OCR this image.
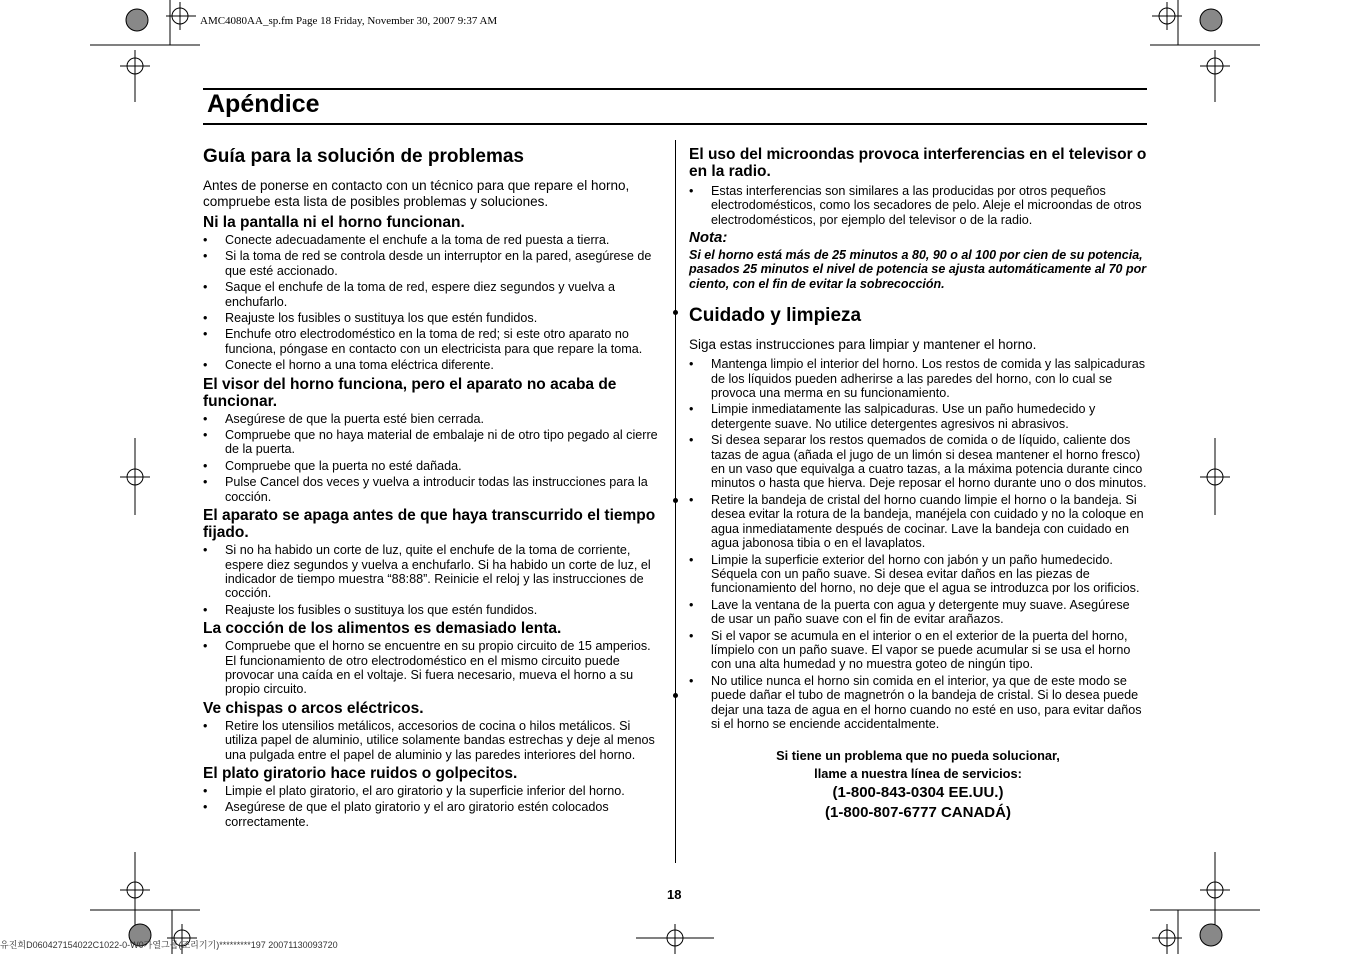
AMC4080AA_sp.fm Page 18 Friday, November 30, 2007 9:37 AM
Apéndice
Guía para la solución de problemas

Antes de ponerse en contacto con un técnico para que repare el horno, compruebe esta lista de posibles problemas y soluciones.

Ni la pantalla ni el horno funcionan.
• Conecte adecuadamente el enchufe a la toma de red puesta a tierra.
• Si la toma de red se controla desde un interruptor en la pared, asegúrese de que esté accionado.
• Saque el enchufe de la toma de red, espere diez segundos y vuelva a enchufarlo.
• Reajuste los fusibles o sustituya los que estén fundidos.
• Enchufe otro electrodoméstico en la toma de red; si este otro aparato no funciona, póngase en contacto con un electricista para que repare la toma.
• Conecte el horno a una toma eléctrica diferente.
El visor del horno funciona, pero el aparato no acaba de funcionar.
• Asegúrese de que la puerta esté bien cerrada.
• Compruebe que no haya material de embalaje ni de otro tipo pegado al cierre de la puerta.
• Compruebe que la puerta no esté dañada.
• Pulse Cancel dos veces y vuelva a introducir todas las instrucciones para la cocción.
El aparato se apaga antes de que haya transcurrido el tiempo fijado.
• Si no ha habido un corte de luz, quite el enchufe de la toma de corriente, espere diez segundos y vuelva a enchufarlo. Si ha habido un corte de luz, el indicador de tiempo muestra “88:88”. Reinicie el reloj y las instrucciones de cocción.
• Reajuste los fusibles o sustituya los que estén fundidos.
La cocción de los alimentos es demasiado lenta.
• Compruebe que el horno se encuentre en su propio circuito de 15 amperios. El funcionamiento de otro electrodoméstico en el mismo circuito puede provocar una caída en el voltaje. Si fuera necesario, mueva el horno a su propio circuito.
Ve chispas o arcos eléctricos.
• Retire los utensilios metálicos, accesorios de cocina o hilos metálicos. Si utiliza papel de aluminio, utilice solamente bandas estrechas y deje al menos una pulgada entre el papel de aluminio y las paredes interiores del horno.
El plato giratorio hace ruidos o golpecitos.
• Limpie el plato giratorio, el aro giratorio y la superficie inferior del horno.
• Asegúrese de que el plato giratorio y el aro giratorio estén colocados correctamente.
El uso del microondas provoca interferencias en el televisor o en la radio.
• Estas interferencias son similares a las producidas por otros pequeños electrodomésticos, como los secadores de pelo. Aleje el microondas de otros electrodomésticos, por ejemplo del televisor o de la radio.
Nota:
Si el horno está más de 25 minutos a 80, 90 o al 100 por cien de su potencia, pasados 25 minutos el nivel de potencia se ajusta automáticamente al 70 por ciento, con el fin de evitar la sobrecocción.
Cuidado y limpieza

Siga estas instrucciones para limpiar y mantener el horno.

• Mantenga limpio el interior del horno. Los restos de comida y las salpicaduras de los líquidos pueden adherirse a las paredes del horno, con lo cual se provoca una merma en su funcionamiento.
• Limpie inmediatamente las salpicaduras. Use un paño humedecido y detergente suave. No utilice detergentes agresivos ni abrasivos.
• Si desea separar los restos quemados de comida o de líquido, caliente dos tazas de agua (añada el jugo de un limón si desea mantener el horno fresco) en un vaso que equivalga a cuatro tazas, a la máxima potencia durante cinco minutos o hasta que hierva. Deje reposar el horno durante uno o dos minutos.
• Retire la bandeja de cristal del horno cuando limpie el horno o la bandeja. Si desea evitar la rotura de la bandeja, manéjela con cuidado y no la coloque en agua inmediatamente después de cocinar. Lave la bandeja con cuidado en agua jabonosa tibia o en el lavaplatos.
• Limpie la superficie exterior del horno con jabón y un paño humedecido. Séquela con un paño suave. Si desea evitar daños en las piezas de funcionamiento del horno, no deje que el agua se introduzca por los orificios.
• Lave la ventana de la puerta con agua y detergente muy suave. Asegúrese de usar un paño suave con el fin de evitar arañazos.
• Si el vapor se acumula en el interior o en el exterior de la puerta del horno, límpielo con un paño suave. El vapor se puede acumular si se usa el horno con una alta humedad y no muestra goteo de ningún tipo.
• No utilice nunca el horno sin comida en el interior, ya que de este modo se puede dañar el tubo de magnetrón o la bandeja de cristal. Si lo desea puede dejar una taza de agua en el horno cuando no esté en uso, para evitar daños si el horno se enciende accidentalmente.
Si tiene un problema que no pueda solucionar,
llame a nuestra línea de servicios:
(1-800-843-0304 EE.UU.)
(1-800-807-6777 CANADÁ)
18
유진희D060427154022C1022-0-W0가열그룹(조리기기)*********197 20071130093720
